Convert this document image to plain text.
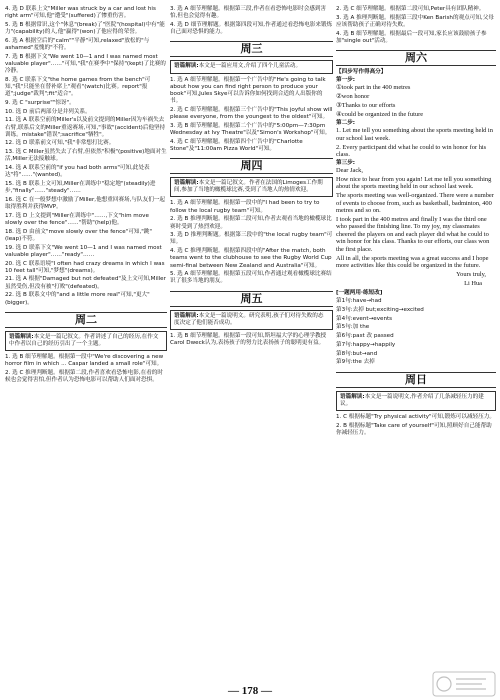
4. 选 D 联系上文"Miller was struck by a car and lost his right arm"可知,他"遭受"(suffered)了惨重伤害。

5. 选 B 根据常识,这个"休息"(break)了"医院"(hospital)中有"能力"(capability)的人,他"赢得"(won)了他应得的荣誉。

6. 选 A 根据空后的"calm""平静"可知,relaxed"放松的"与ashamed"羞愧的"不符。

7. 选 B 根据下文"We went 10—1 and I was named most valuable player"……"可知,"我"在赛季中"保持"(kept)了比赛的冷静。

8. 选 C 联系下文"the home games from the bench"可知,"我"只能坐在替补席上"观看"(watch)比赛。report"报道";judge"裁判";fit"适合"。

9. 选 C "surprise""惊讶"。

10. 选 D 前后两部分是并列关系。

11. 选 A 联系空前的Miller's以及前文提到的Miller因为车祸失去右臂,联系后文的Miller重返赛场,可知,"事故"(accident)后他坚持训练。mistake"错误";sacrifice"牺牲"。

12. 选 D 联系前文可知,"我"非常想打比赛。

13. 选 C Miller虽然失去了右臂,但依然"积极"(positive)地面对生活,Miller无法接触球。

14. 选 A 联系空前的"if you had both arms"可知,此处表达"将"……"(wanted)。

15. 选 B 联系上文可知,Miller在训练中"稳定地"(steadily)进步,"finally"……"steady"……

16. 选 C 在一般梦想中激励了Miller,他想重回赛场,与队友们一起取得胜利并获得MVP。

17. 选 D 上文提到"Miller在训练中"……,下文"him move slowly over the fence"……"帮助"(help)他。

18. 选 D 由前文"move slowly over the fence"可知,"跳"(leap)不符。

19. 选 D 联系下文"We went 10—1 and I was named most valuable player"……"ready"……

20. 选 C 联系语境"I often had crazy dreams in which I was 10 feet tall"可知,"梦想"(dreams)。

21. 选 A 根据"Damaged but not defeated"及上文可知,Miller虽然受伤,但没有被"打败"(defeated)。

22. 选 B 联系文中的"and a little more real"可知,"更大"(bigger)。

周二
语篇解读:本文是一篇记叙文。作者讲述了自己的经历,在作文中作者以自己的经历引出了一个主题。

1. 选 B 细节理解题。根据第一段中"We're discovering a new horror film in which ... Caspar landed a small role"可知。

2. 选 C 推理判断题。根据第二段,作者喜欢看恐怖电影,在看的时候也会觉得害怕,但作者认为恐怖电影可以帮助人们面对恐惧。

3. 选 A 细节理解题。根据第三段,作者在看恐怖电影时会感到害怕,但也会觉得有趣。

4. 选 D 细节理解题。根据第四段可知,作者通过看恐怖电影来锻炼自己面对恐惧的能力。

周三
语篇解读:本文是一篇应用文,介绍了四个儿童活动。

1. 选 A 细节理解题。根据第一个广告中的"He's going to talk about how you can find right person to produce your book"可知,Jules Skye可以告诉你如何找到合适的人出版你的书。

2. 选 C 细节理解题。根据第三个广告中的"This joyful show will please everyone, from the youngest to the oldest"可知。

3. 选 B 细节理解题。根据第二个广告中的"5:00pm—7:30pm Wednesday at Ivy Theatre"以及"Simon's Workshop"可知。

4. 选 C 细节理解题。根据第四个广告中的"Charlotte Stone"及"11:00am Pizza World"可知。

周四
语篇解读:本文是一篇记叙文。作者在法国的Limoges工作期间,参加了当地的橄榄球比赛,受到了当地人的热情欢迎。

1. 选 A 细节理解题。根据第一段中的"I had been to try to follow the local rugby team"可知。

2. 选 B 推理判断题。根据第二段可知,作者去观看当地的橄榄球比赛时受到了热烈欢迎。

3. 选 D 推理判断题。根据第三段中的"the local rugby team"可知。

4. 选 C 推理判断题。根据第四段中的"After the match, both teams went to the clubhouse to see the Rugby World Cup semi-final between New Zealand and Australia"可知。

5. 选 A 细节理解题。根据第五段可知,作者通过观看橄榄球比赛结识了很多当地的朋友。

周五
语篇解读:本文是一篇说明文。研究表明,孩子们对待失败的态度决定了他们能否成功。

1. 选 B 细节理解题。根据第一段可知,斯坦福大学的心理学教授Carol Dweck认为,表扬孩子的努力比表扬孩子的聪明更有益。

2. 选 C 细节理解题。根据第二段可知,Peter具有团队精神。

3. 选 A 推理判断题。根据第三段中Ken Barish的观点可知,父母应该帮助孩子正确对待失败。

4. 选 B 细节理解题。根据最后一段可知,家长应该鼓励孩子参加"single out"活动。

周六
【四步写作得高分】
第一步:

①took part in the 400 metres

②won honor

③Thanks to our efforts

④could be organized in the future

第二步:

1. Let me tell you something about the sports meeting held in our school last week.

2. Every participant did what he could to win honor for his class.

第三步:

Dear Jack,

How nice to hear from you again! Let me tell you something about the sports meeting held in our school last week.

The sports meeting was well-organized. There were a number of events to choose from, such as basketball, badminton, 400 metres and so on.

I took part in the 400 metres and finally I was the third one who passed the finishing line. To my joy, my classmates cheered the players on and each player did what he could to win honor for his class. Thanks to our efforts, our class won the first place.

All in all, the sports meeting was a great success and I hope more activities like this could be organized in the future.

Yours truly,

Li Hua

[一题两用·练短改]

第1句:have→had

第3句:去掉 but;exciting→excited

第4句:event→events

第5句:加 the

第6句:past 改 passed

第7句:happy→happily

第8句:but→and

第9句:the 去掉

周日
语篇解读:本文是一篇说明文,作者介绍了几条减轻压力的建议。

1. C 根据标题"Try physical activity"可知,锻炼可以减轻压力。

2. B 根据标题"Take care of yourself"可知,照顾好自己能帮助你减轻压力。

— 178 —
